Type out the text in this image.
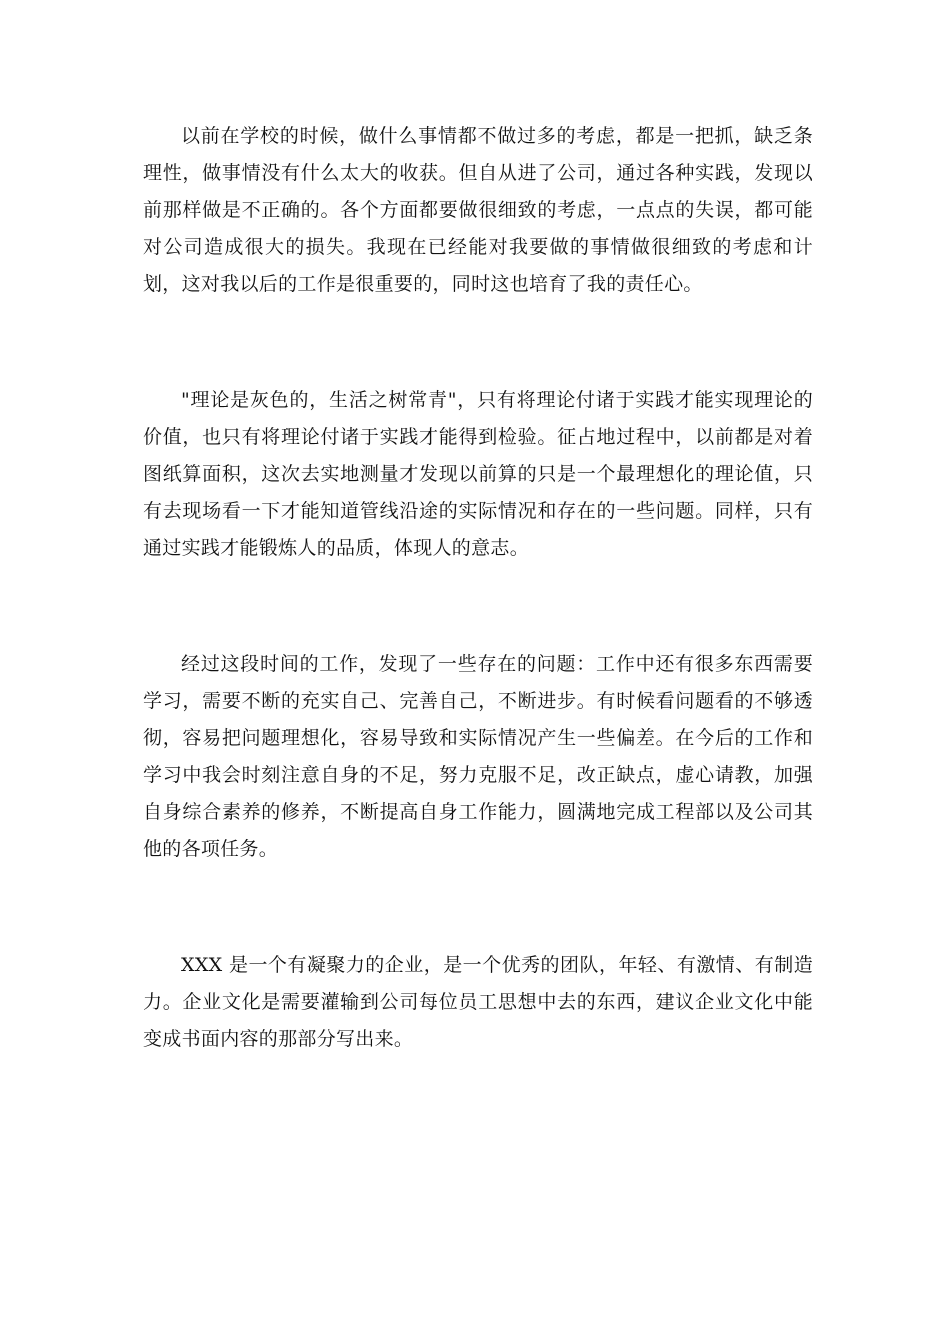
以前在学校的时候，做什么事情都不做过多的考虑，都是一把抓，缺乏条理性，做事情没有什么太大的收获。但自从进了公司，通过各种实践，发现以前那样做是不正确的。各个方面都要做很细致的考虑，一点点的失误，都可能对公司造成很大的损失。我现在已经能对我要做的事情做很细致的考虑和计划，这对我以后的工作是很重要的，同时这也培育了我的责任心。

"理论是灰色的，生活之树常青"，只有将理论付诸于实践才能实现理论的价值，也只有将理论付诸于实践才能得到检验。征占地过程中，以前都是对着图纸算面积，这次去实地测量才发现以前算的只是一个最理想化的理论值，只有去现场看一下才能知道管线沿途的实际情况和存在的一些问题。同样，只有通过实践才能锻炼人的品质，体现人的意志。

经过这段时间的工作，发现了一些存在的问题：工作中还有很多东西需要学习，需要不断的充实自己、完善自己，不断进步。有时候看问题看的不够透彻，容易把问题理想化，容易导致和实际情况产生一些偏差。在今后的工作和学习中我会时刻注意自身的不足，努力克服不足，改正缺点，虚心请教，加强自身综合素养的修养，不断提高自身工作能力，圆满地完成工程部以及公司其他的各项任务。

XXX 是一个有凝聚力的企业，是一个优秀的团队，年轻、有激情、有制造力。企业文化是需要灌输到公司每位员工思想中去的东西，建议企业文化中能变成书面内容的那部分写出来。
